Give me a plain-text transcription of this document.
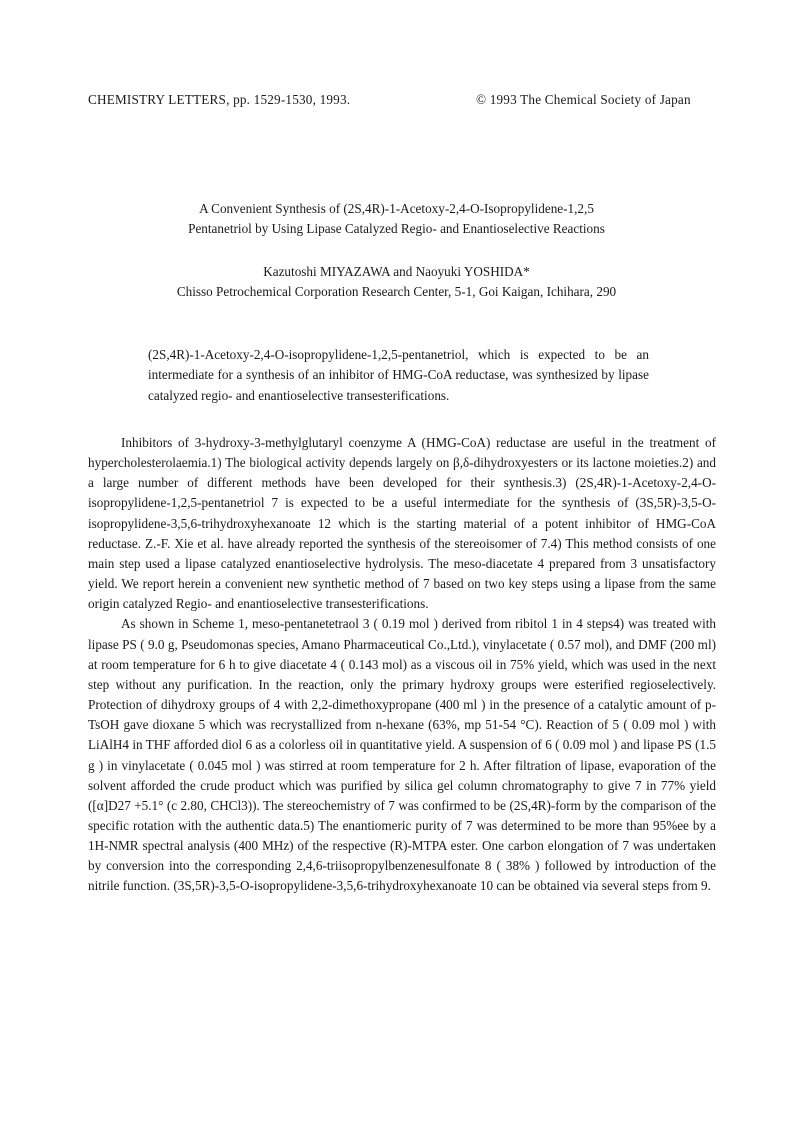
CHEMISTRY LETTERS, pp. 1529-1530, 1993.	© 1993 The Chemical Society of Japan
A Convenient Synthesis of (2S,4R)-1-Acetoxy-2,4-O-Isopropylidene-1,2,5
Pentanetriol by Using Lipase Catalyzed Regio- and Enantioselective Reactions
Kazutoshi MIYAZAWA and Naoyuki YOSHIDA*
Chisso Petrochemical Corporation Research Center, 5-1, Goi Kaigan, Ichihara, 290
(2S,4R)-1-Acetoxy-2,4-O-isopropylidene-1,2,5-pentanetriol, which is expected to be an intermediate for a synthesis of an inhibitor of HMG-CoA reductase, was synthesized by lipase catalyzed regio- and enantioselective transesterifications.

Inhibitors of 3-hydroxy-3-methylglutaryl coenzyme A (HMG-CoA) reductase are useful in the treatment of hypercholesterolaemia.1) The biological activity depends largely on β,δ-dihydroxyesters or its lactone moieties.2) and a large number of different methods have been developed for their synthesis.3) (2S,4R)-1-Acetoxy-2,4-O-isopropylidene-1,2,5-pentanetriol 7 is expected to be a useful intermediate for the synthesis of (3S,5R)-3,5-O-isopropylidene-3,5,6-trihydroxyhexanoate 12 which is the starting material of a potent inhibitor of HMG-CoA reductase. Z.-F. Xie et al. have already reported the synthesis of the stereoisomer of 7.4) This method consists of one main step used a lipase catalyzed enantioselective hydrolysis. The meso-diacetate 4 prepared from 3 unsatisfactory yield. We report herein a convenient new synthetic method of 7 based on two key steps using a lipase from the same origin catalyzed Regio- and enantioselective transesterifications.

As shown in Scheme 1, meso-pentanetetraol 3 ( 0.19 mol ) derived from ribitol 1 in 4 steps4) was treated with lipase PS ( 9.0 g, Pseudomonas species, Amano Pharmaceutical Co.,Ltd.), vinylacetate ( 0.57 mol), and DMF (200 ml) at room temperature for 6 h to give diacetate 4 ( 0.143 mol) as a viscous oil in 75% yield, which was used in the next step without any purification. In the reaction, only the primary hydroxy groups were esterified regioselectively. Protection of dihydroxy groups of 4 with 2,2-dimethoxypropane (400 ml ) in the presence of a catalytic amount of p-TsOH gave dioxane 5 which was recrystallized from n-hexane (63%, mp 51-54 °C). Reaction of 5 ( 0.09 mol ) with LiAlH4 in THF afforded diol 6 as a colorless oil in quantitative yield. A suspension of 6 ( 0.09 mol ) and lipase PS (1.5 g ) in vinylacetate ( 0.045 mol ) was stirred at room temperature for 2 h. After filtration of lipase, evaporation of the solvent afforded the crude product which was purified by silica gel column chromatography to give 7 in 77% yield ([α]D27 +5.1° (c 2.80, CHCl3)). The stereochemistry of 7 was confirmed to be (2S,4R)-form by the comparison of the specific rotation with the authentic data.5) The enantiomeric purity of 7 was determined to be more than 95%ee by a 1H-NMR spectral analysis (400 MHz) of the respective (R)-MTPA ester. One carbon elongation of 7 was undertaken by conversion into the corresponding 2,4,6-triisopropylbenzenesulfonate 8 ( 38% ) followed by introduction of the nitrile function. (3S,5R)-3,5-O-isopropylidene-3,5,6-trihydroxyhexanoate 10 can be obtained via several steps from 9.
